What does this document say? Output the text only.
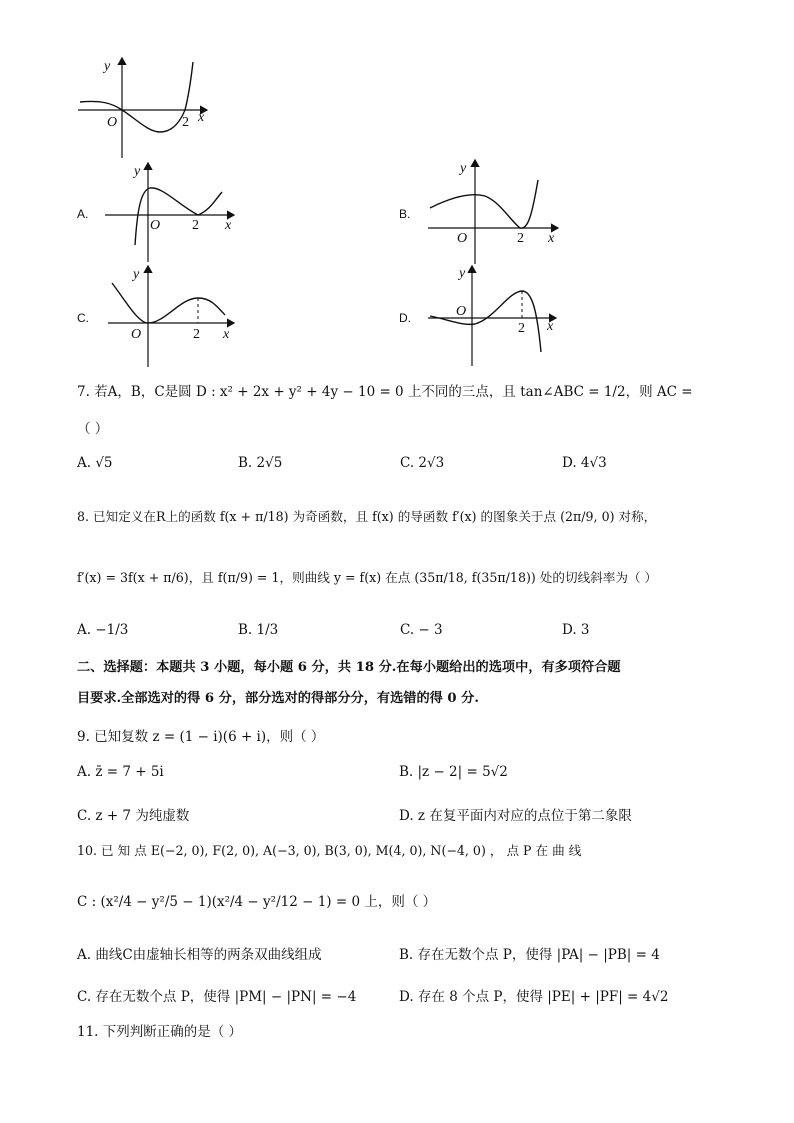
y
x
O	2
y
x
O 2
y
x
O	2
y
x
O	2
y
x
O
2
A.	B.
C.	D.
7. 若A，B，C是圆 D : x² + 2x + y² + 4y − 10 = 0 上不同的三点，且 tan∠ABC = 1/2，则 AC =
（ ）
A. √5	B. 2√5	C. 2√3	D. 4√3
8. 已知定义在R上的函数 f(x + π/18) 为奇函数，且 f(x) 的导函数 f′(x) 的图象关于点 (2π/9, 0) 对称，
f′(x) = 3f(x + π/6)，且 f(π/9) = 1，则曲线 y = f(x) 在点 (35π/18, f(35π/18)) 处的切线斜率为（ ）
A. −1/3	B. 1/3	C. − 3	D. 3
二、选择题：本题共 3 小题，每小题 6 分，共 18 分.在每小题给出的选项中，有多项符合题
目要求.全部选对的得 6 分，部分选对的得部分分，有选错的得 0 分.
9. 已知复数 z = (1 − i)(6 + i)，则（ ）
A. z̄ = 7 + 5i	B. |z − 2| = 5√2
C. z + 7 为纯虚数	D. z 在复平面内对应的点位于第二象限
10. 已 知 点 E(−2, 0), F(2, 0), A(−3, 0), B(3, 0), M(4, 0), N(−4, 0) ， 点 P 在 曲 线
C : (x²/4 − y²/5 − 1)(x²/4 − y²/12 − 1) = 0 上，则（ ）
A. 曲线C由虚轴长相等的两条双曲线组成	B. 存在无数个点 P，使得 |PA| − |PB| = 4
C. 存在无数个点 P，使得 |PM| − |PN| = −4	D. 存在 8 个点 P，使得 |PE| + |PF| = 4√2
11. 下列判断正确的是（ ）
